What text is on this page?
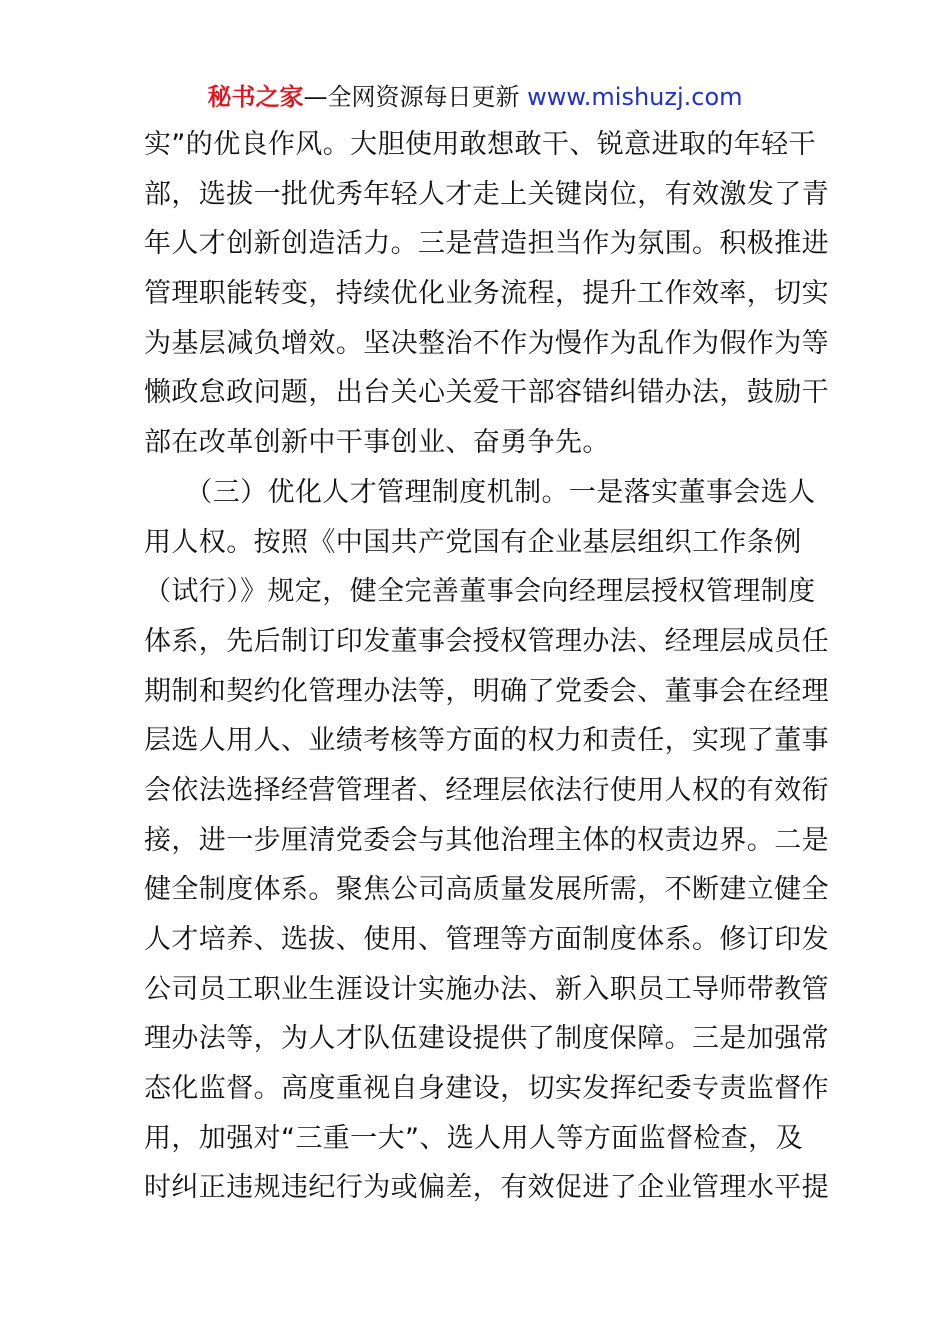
秘书之家—全网资源每日更新 www.mishuzj.com
实”的优良作风。大胆使用敢想敢干、锐意进取的年轻干
部，选拔一批优秀年轻人才走上关键岗位，有效激发了青
年人才创新创造活力。三是营造担当作为氛围。积极推进
管理职能转变，持续优化业务流程，提升工作效率，切实
为基层减负增效。坚决整治不作为慢作为乱作为假作为等
懒政怠政问题，出台关心关爱干部容错纠错办法，鼓励干
部在改革创新中干事创业、奋勇争先。
　　（三）优化人才管理制度机制。一是落实董事会选人
用人权。按照《中国共产党国有企业基层组织工作条例
（试行）》规定，健全完善董事会向经理层授权管理制度
体系，先后制订印发董事会授权管理办法、经理层成员任
期制和契约化管理办法等，明确了党委会、董事会在经理
层选人用人、业绩考核等方面的权力和责任，实现了董事
会依法选择经营管理者、经理层依法行使用人权的有效衔
接，进一步厘清党委会与其他治理主体的权责边界。二是
健全制度体系。聚焦公司高质量发展所需，不断建立健全
人才培养、选拔、使用、管理等方面制度体系。修订印发
公司员工职业生涯设计实施办法、新入职员工导师带教管
理办法等，为人才队伍建设提供了制度保障。三是加强常
态化监督。高度重视自身建设，切实发挥纪委专责监督作
用，加强对“三重一大”、选人用人等方面监督检查，及
时纠正违规违纪行为或偏差，有效促进了企业管理水平提
